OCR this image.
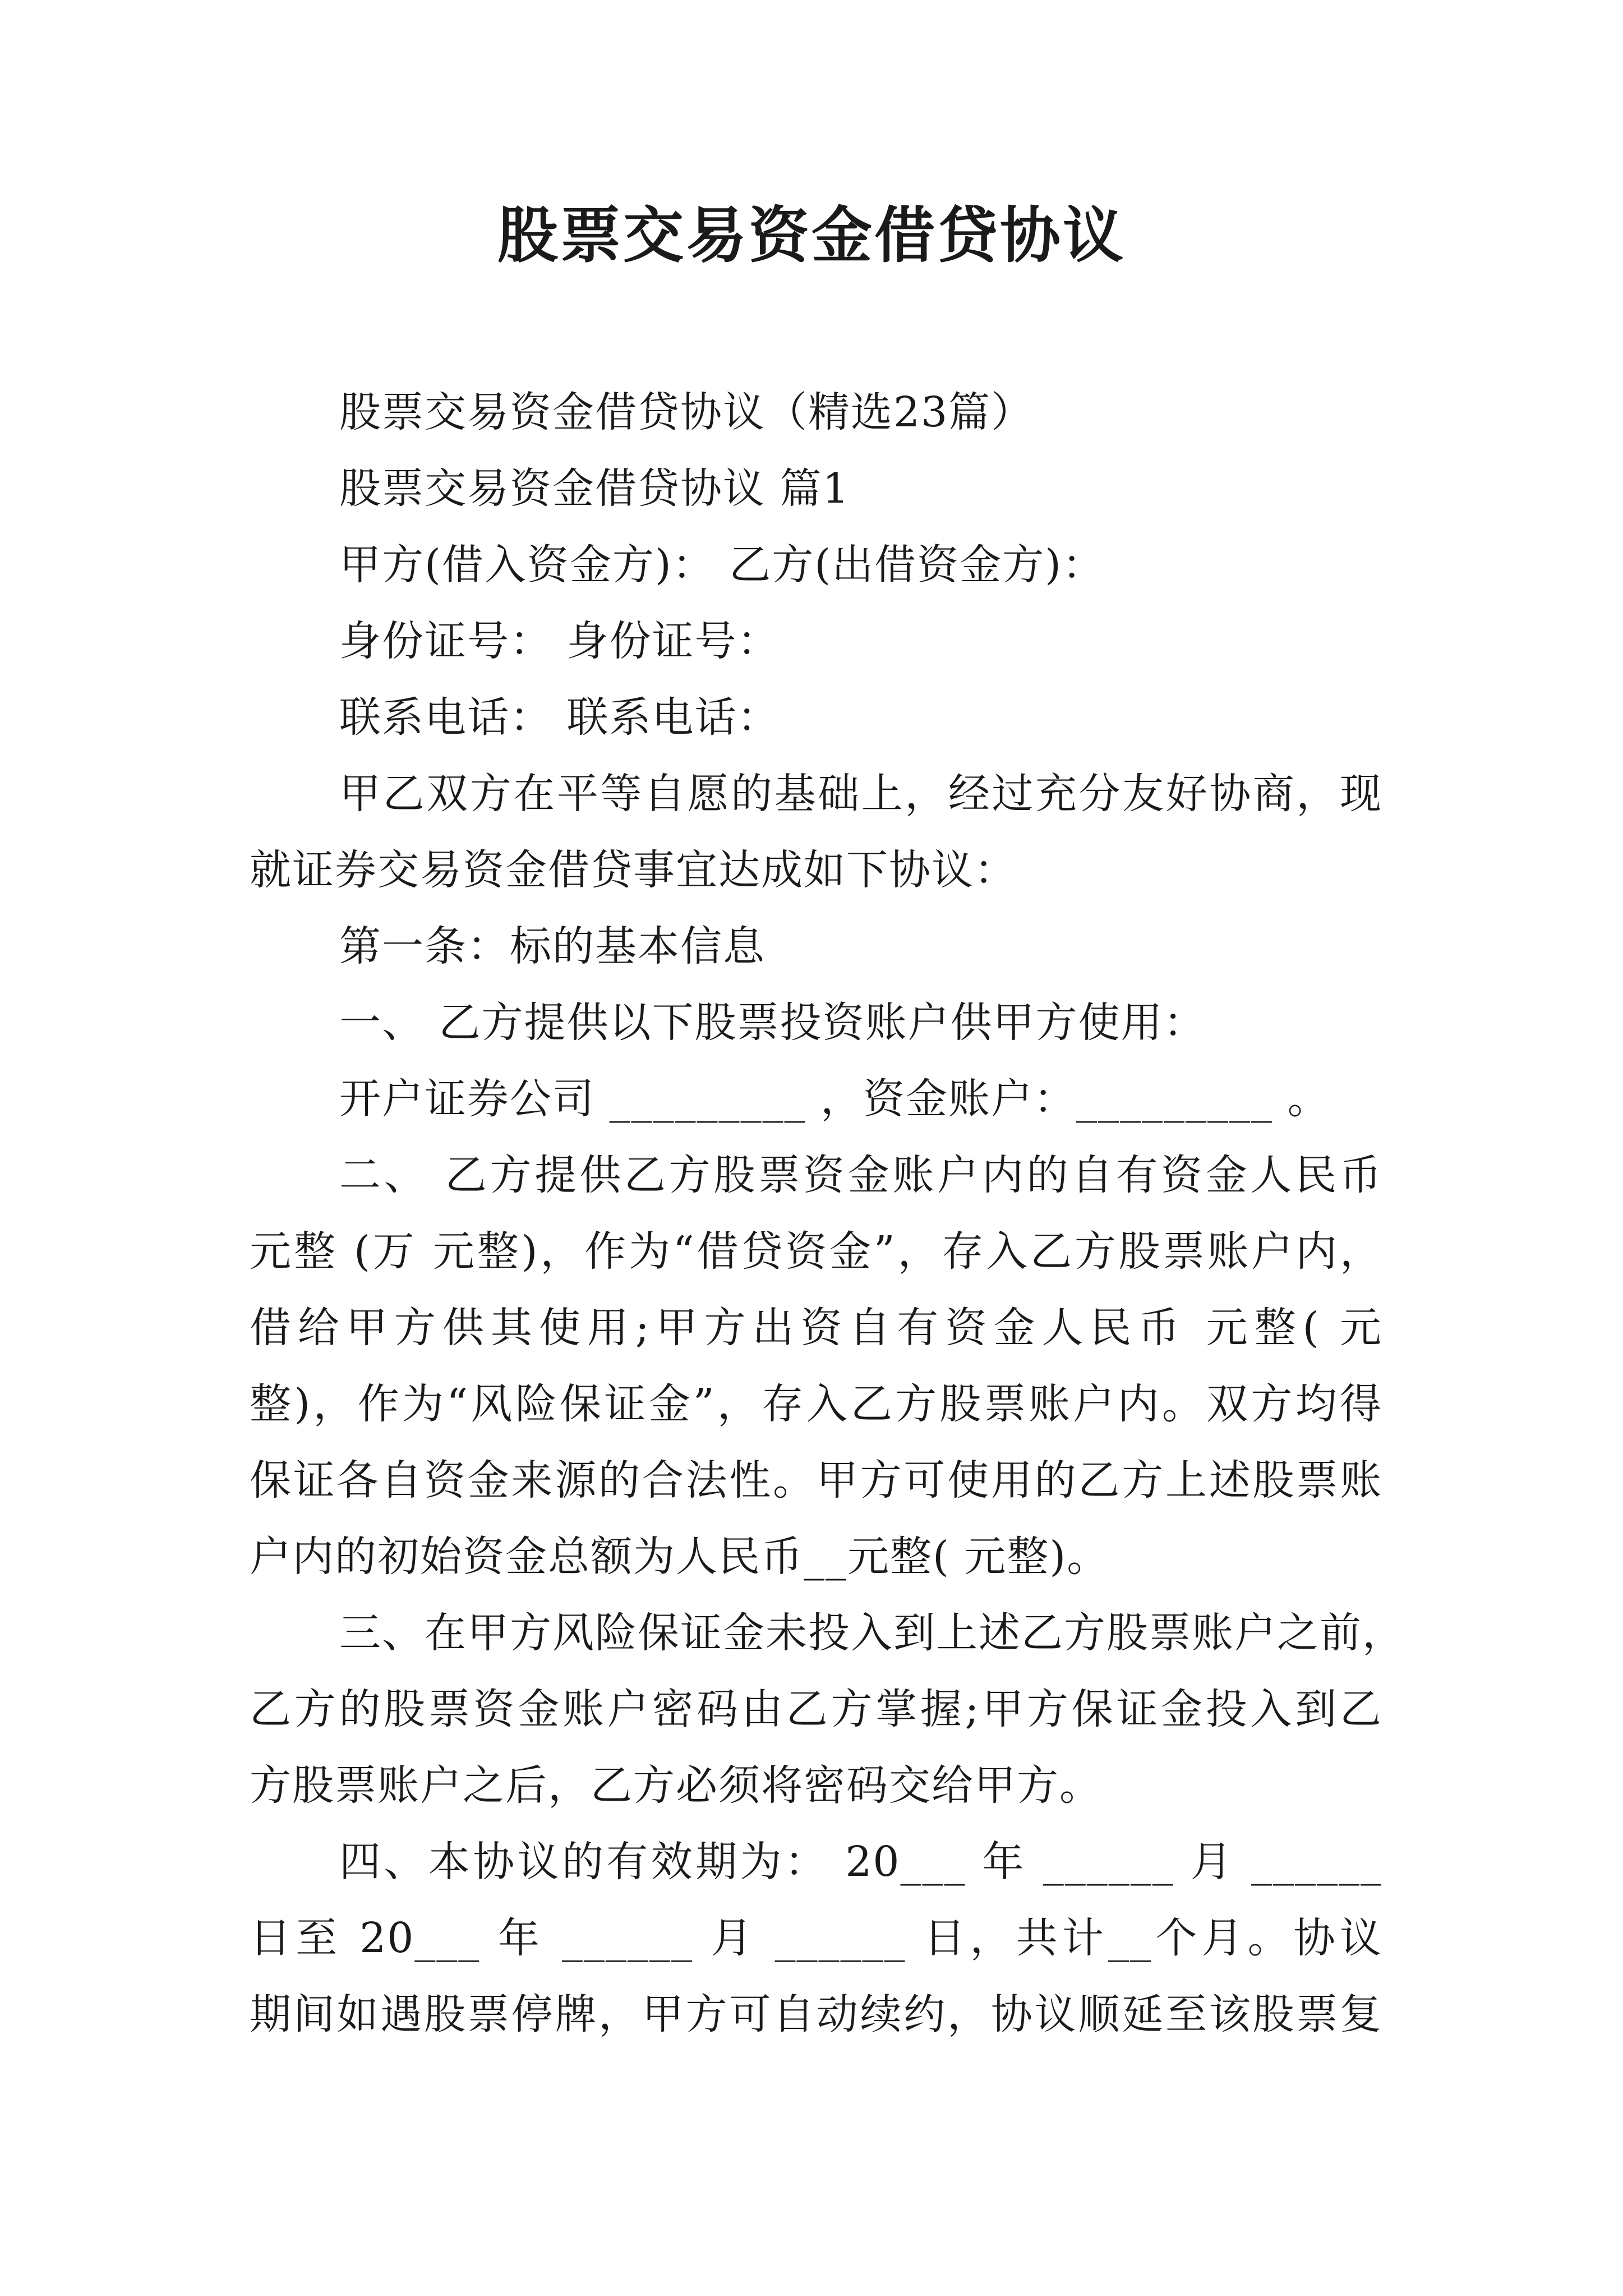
股票交易资金借贷协议
股票交易资金借贷协议（精选23篇）
股票交易资金借贷协议 篇1
甲方(借入资金方)： 乙方(出借资金方)：
身份证号： 身份证号：
联系电话： 联系电话：
甲乙双方在平等自愿的基础上，经过充分友好协商，现
就证券交易资金借贷事宜达成如下协议：
第一条：标的基本信息
一、 乙方提供以下股票投资账户供甲方使用：
开户证券公司 _________ ，资金账户：_________ 。
二、 乙方提供乙方股票资金账户内的自有资金人民币
元整 (万 元整)，作为“借贷资金”，存入乙方股票账户内，
借给甲方供其使用;甲方出资自有资金人民币 元整( 元
整)，作为“风险保证金”，存入乙方股票账户内。双方均得
保证各自资金来源的合法性。甲方可使用的乙方上述股票账
户内的初始资金总额为人民币__元整( 元整)。
三、在甲方风险保证金未投入到上述乙方股票账户之前，
乙方的股票资金账户密码由乙方掌握;甲方保证金投入到乙
方股票账户之后，乙方必须将密码交给甲方。
四、本协议的有效期为： 20___ 年 ______ 月 ______
日至 20___ 年 ______ 月 ______ 日，共计__个月。协议
期间如遇股票停牌，甲方可自动续约，协议顺延至该股票复
